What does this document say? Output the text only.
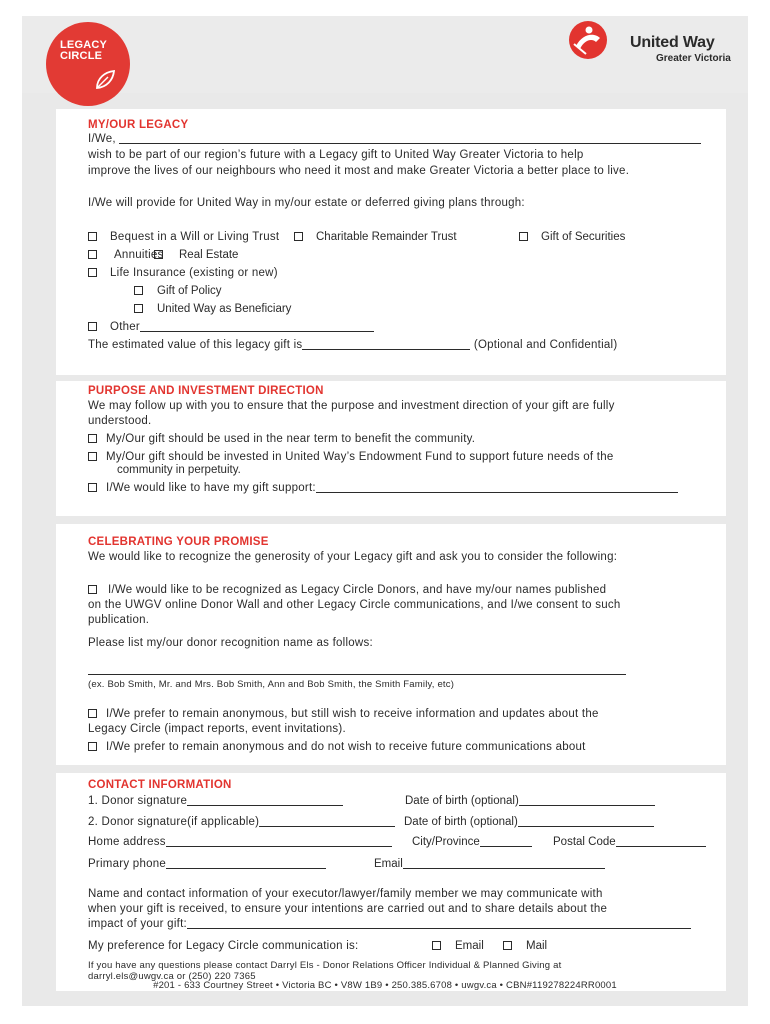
LEGACY
CIRCLE
United Way
Greater Victoria
MY/OUR LEGACY
I/We,
wish to be part of our region’s future with a Legacy gift to United Way Greater Victoria to help
improve the lives of our neighbours who need it most and make Greater Victoria a better place to live.
I/We will provide for United Way in my/our estate or deferred giving plans through:
Bequest in a Will or Living Trust	Charitable Remainder Trust	Gift of Securities
Annuities	Real Estate
Life Insurance (existing or new)
Gift of Policy
United Way as Beneficiary
Other
The estimated value of this legacy gift is	(Optional and Confidential)
PURPOSE AND INVESTMENT DIRECTION
We may follow up with you to ensure that the purpose and investment direction of your gift are fully
understood.
My/Our gift should be used in the near term to benefit the community.
My/Our gift should be invested in United Way’s Endowment Fund to support future needs of the
community in perpetuity.
I/We would like to have my gift support:
CELEBRATING YOUR PROMISE
We would like to recognize the generosity of your Legacy gift and ask you to consider the following:
I/We would like to be recognized as Legacy Circle Donors, and have my/our names published
on the UWGV online Donor Wall and other Legacy Circle communications, and I/we consent to such
publication.
Please list my/our donor recognition name as follows:
(ex. Bob Smith, Mr. and Mrs. Bob Smith, Ann and Bob Smith, the Smith Family, etc)
I/We prefer to remain anonymous, but still wish to receive information and updates about the
Legacy Circle (impact reports, event invitations).
I/We prefer to remain anonymous and do not wish to receive future communications about
CONTACT INFORMATION
1. Donor signature	Date of birth (optional)
2. Donor signature(if applicable)	Date of birth (optional)
Home address	City/Province	Postal Code
Primary phone	Email
Name and contact information of your executor/lawyer/family member we may communicate with
when your gift is received, to ensure your intentions are carried out and to share details about the
impact of your gift:
My preference for Legacy Circle communication is:	Email	Mail
If you have any questions please contact Darryl Els - Donor Relations Officer Individual & Planned Giving at
darryl.els@uwgv.ca or (250) 220 7365
#201 - 633 Courtney Street • Victoria BC • V8W 1B9 • 250.385.6708 • uwgv.ca • CBN#119278224RR0001
